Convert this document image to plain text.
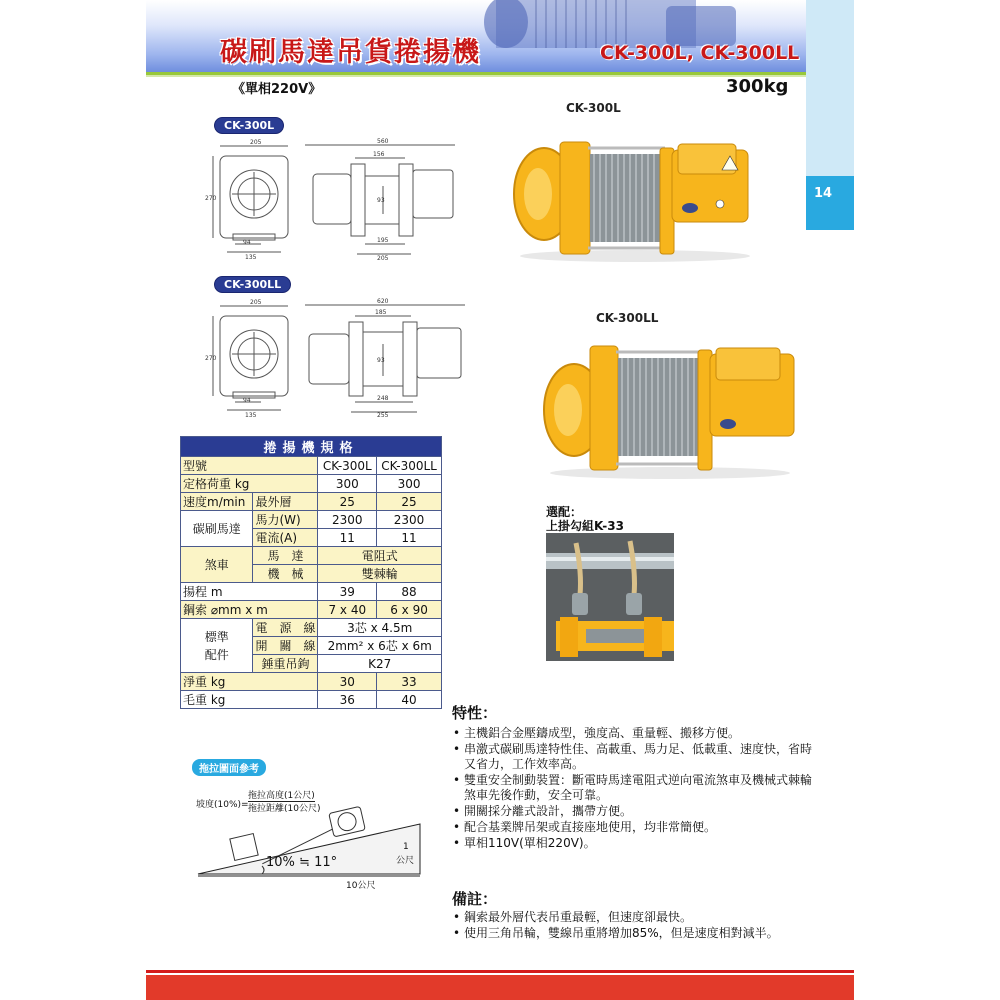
碳刷馬達吊貨捲揚機	CK-300L, CK-300LL
14
《單相220V》	300kg
CK-300L
205
270
94
135
560
156
93
195
205
CK-300LL
205
270
94
135
620
185
93
248
255
CK-300L
CK-300LL
捲揚機規格			
型號		CK-300L	CK-300LL
定格荷重 kg		300	300
速度m/min	最外層	25	25
碳刷馬達	馬力(W)	2300	2300
	電流(A)	11	11
煞車	馬　達	電阻式	
	機　械	雙棘輪	
揚程 m		39	88
鋼索 ⌀mm x m		7 x 40	6 x 90

標準
配件	電　源　線	3芯 x 4.5m	
	開　關　線	2mm² x 6芯 x 6m	
	錘重吊鉤	K27	
淨重 kg		30	33
毛重 kg		36	40
選配：
上掛勾組K-33
拖拉圖面參考
坡度(10%)=
拖拉高度(1公尺)
拖拉距離(10公尺)
10% ≒ 11°
1
公尺
10公尺
特性：
• 主機鋁合金壓鑄成型，強度高、重量輕、搬移方便。
• 串激式碳刷馬達特性佳、高載重、馬力足、低載重、速度快，省時又省力，工作效率高。
• 雙重安全制動裝置：斷電時馬達電阻式逆向電流煞車及機械式棘輪煞車先後作動，安全可靠。
• 開關採分離式設計，攜帶方便。
• 配合基業牌吊架或直接座地使用，均非常簡便。
• 單相110V(單相220V)。
備註：
• 鋼索最外層代表吊重最輕，但速度卻最快。
• 使用三角吊輪，雙線吊重將增加85%，但是速度相對減半。
